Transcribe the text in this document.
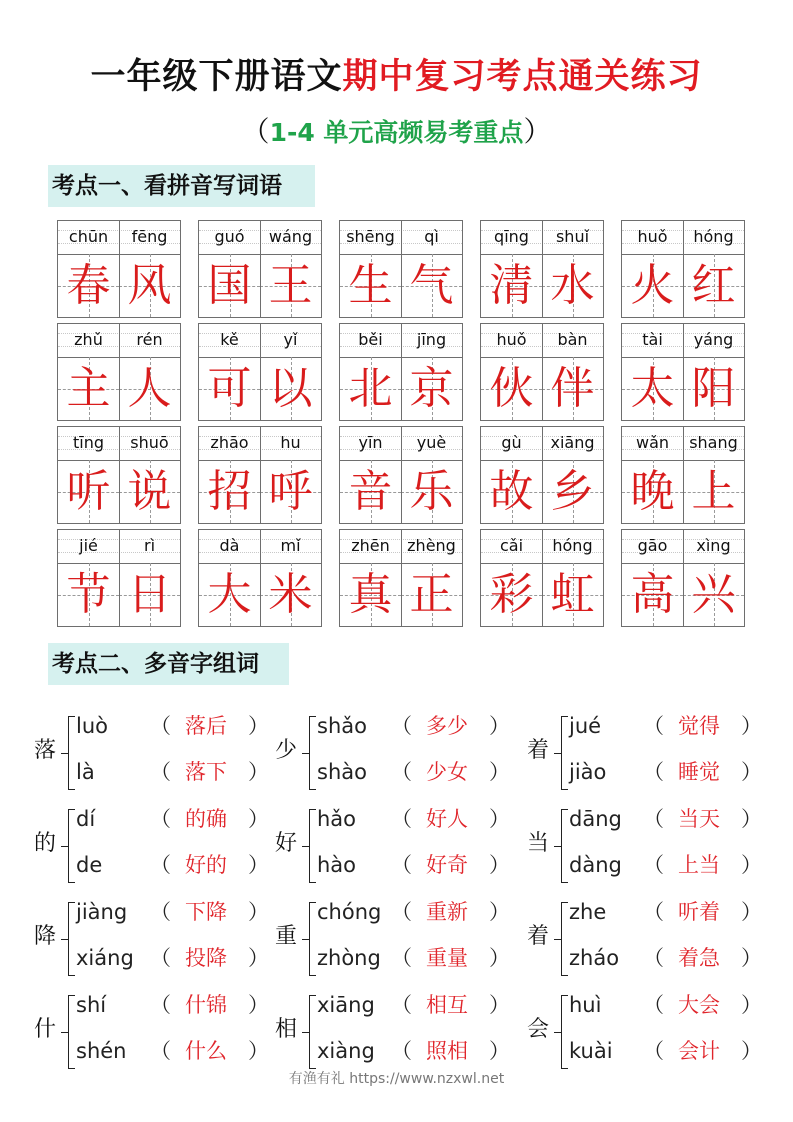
一年级下册语文期中复习考点通关练习
（1-4 单元高频易考重点）
考点一、看拼音写词语
chūn	fēng
春 风
guó	wáng
国 王
shēng	qì
生 气
qīng	shuǐ
清 水
huǒ	hóng
火 红
zhǔ	rén
主 人
kě	yǐ
可 以
běi	jīng
北 京
huǒ	bàn
伙 伴
tài	yáng
太 阳
tīng	shuō
听 说
zhāo	hu
招 呼
yīn	yuè
音 乐
gù	xiāng
故 乡
wǎn	shang
晚 上
jié	rì
节 日
dà	mǐ
大 米
zhēn	zhèng
真 正
cǎi	hóng
彩 虹
gāo	xìng
高 兴
考点二、多音字组词
落
luò （ 落后	）
là	（ 落下	）
少
shǎo （ 多少	）
shào （ 少女	）
着
jué （ 觉得	）
jiào （ 睡觉	）
的
dí	（ 的确	）
de （ 好的	）
好
hǎo （ 好人	）
hào （ 好奇	）
当
dāng （ 当天	）
dàng （ 上当	）
降
jiàng （ 下降	）
xiáng （ 投降	）
重
chóng （ 重新	）
zhòng （ 重量	）
着
zhe （ 听着	）
zháo （ 着急	）
什
shí （ 什锦	）
shén （ 什么	）
相
xiāng （ 相互	）
xiàng （ 照相	）
会
huì （ 大会	）
kuài （ 会计	）
有渔有礼 https://www.nzxwl.net
